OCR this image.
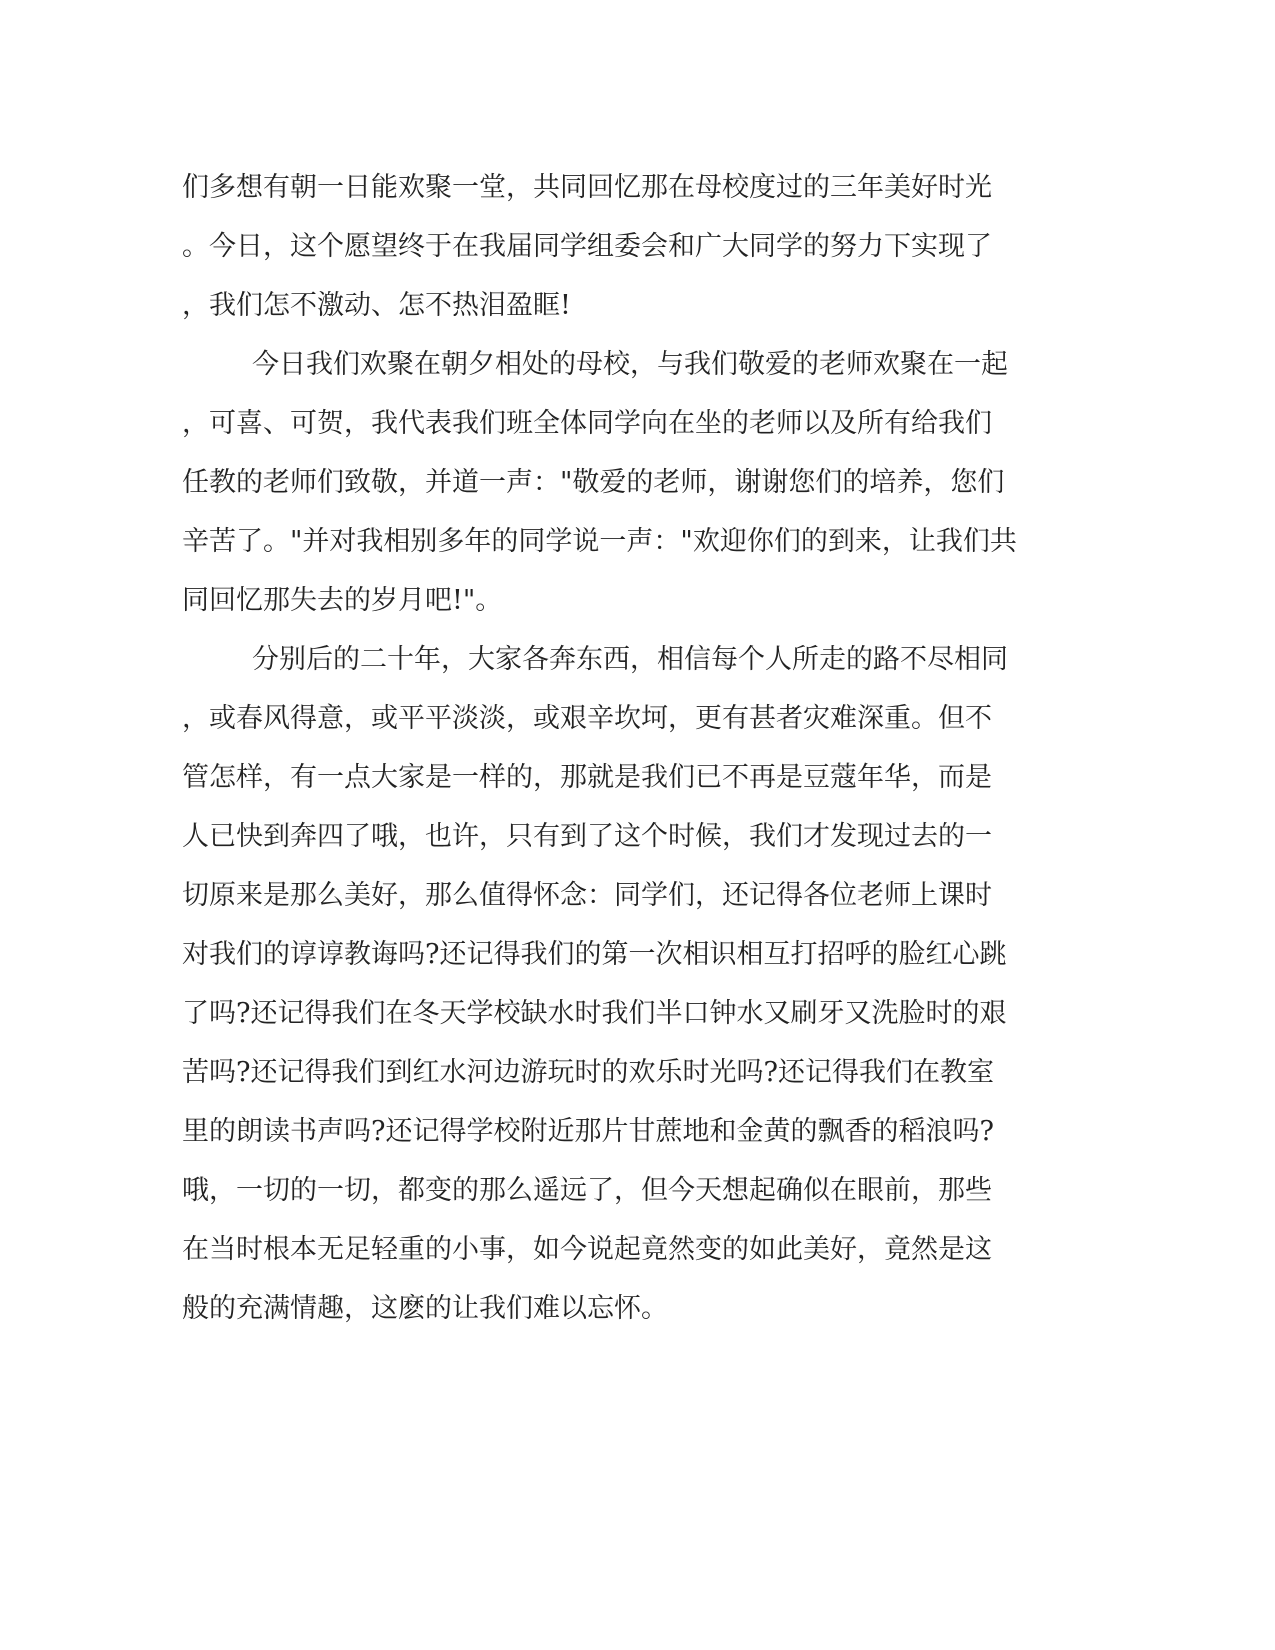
们多想有朝一日能欢聚一堂，共同回忆那在母校度过的三年美好时光
。今日，这个愿望终于在我届同学组委会和广大同学的努力下实现了
，我们怎不激动、怎不热泪盈眶!
今日我们欢聚在朝夕相处的母校，与我们敬爱的老师欢聚在一起
，可喜、可贺，我代表我们班全体同学向在坐的老师以及所有给我们
任教的老师们致敬，并道一声："敬爱的老师，谢谢您们的培养，您们
辛苦了。"并对我相别多年的同学说一声："欢迎你们的到来，让我们共
同回忆那失去的岁月吧!"。
分别后的二十年，大家各奔东西，相信每个人所走的路不尽相同
，或春风得意，或平平淡淡，或艰辛坎坷，更有甚者灾难深重。但不
管怎样，有一点大家是一样的，那就是我们已不再是豆蔻年华，而是
人已快到奔四了哦，也许，只有到了这个时候，我们才发现过去的一
切原来是那么美好，那么值得怀念：同学们，还记得各位老师上课时
对我们的谆谆教诲吗?还记得我们的第一次相识相互打招呼的脸红心跳
了吗?还记得我们在冬天学校缺水时我们半口钟水又刷牙又洗脸时的艰
苦吗?还记得我们到红水河边游玩时的欢乐时光吗?还记得我们在教室
里的朗读书声吗?还记得学校附近那片甘蔗地和金黄的飘香的稻浪吗?
哦，一切的一切，都变的那么遥远了，但今天想起确似在眼前，那些
在当时根本无足轻重的小事，如今说起竟然变的如此美好，竟然是这
般的充满情趣，这麽的让我们难以忘怀。
